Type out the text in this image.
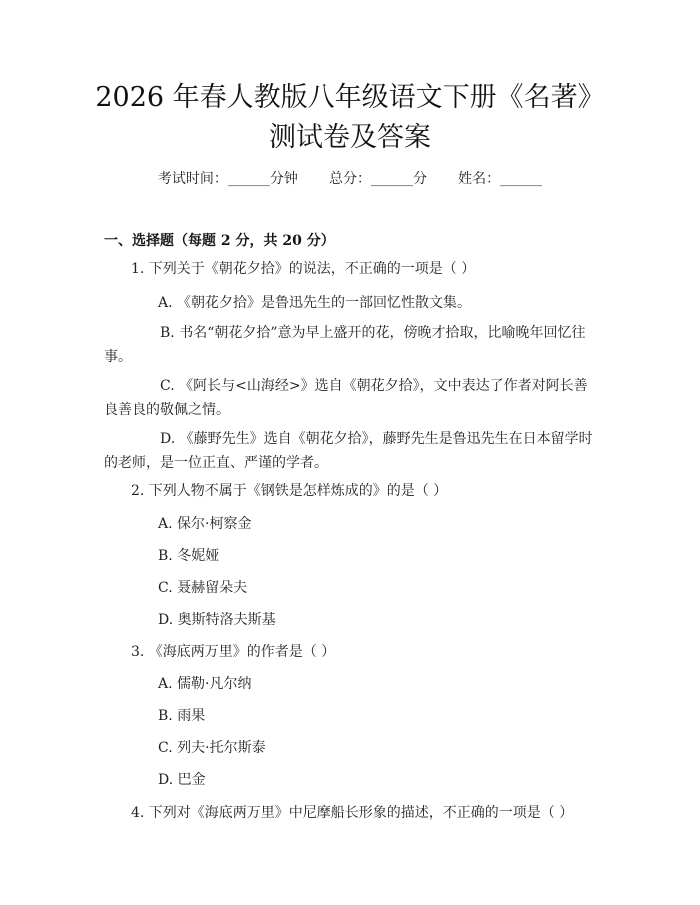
2026 年春人教版八年级语文下册《名著》测试卷及答案
考试时间：______分钟 总分：______分 姓名：______
一、选择题（每题 2 分，共 20 分）
1. 下列关于《朝花夕拾》的说法，不正确的一项是（ ）
A. 《朝花夕拾》是鲁迅先生的一部回忆性散文集。
B. 书名“朝花夕拾”意为早上盛开的花，傍晚才拾取，比喻晚年回忆往事。
C. 《阿长与<山海经>》选自《朝花夕拾》，文中表达了作者对阿长善良善良的敬佩之情。
D. 《藤野先生》选自《朝花夕拾》，藤野先生是鲁迅先生在日本留学时的老师，是一位正直、严谨的学者。
2. 下列人物不属于《钢铁是怎样炼成的》的是（ ）
A. 保尔·柯察金
B. 冬妮娅
C. 聂赫留朵夫
D. 奥斯特洛夫斯基
3. 《海底两万里》的作者是（ ）
A. 儒勒·凡尔纳
B. 雨果
C. 列夫·托尔斯泰
D. 巴金
4. 下列对《海底两万里》中尼摩船长形象的描述，不正确的一项是（ ）
